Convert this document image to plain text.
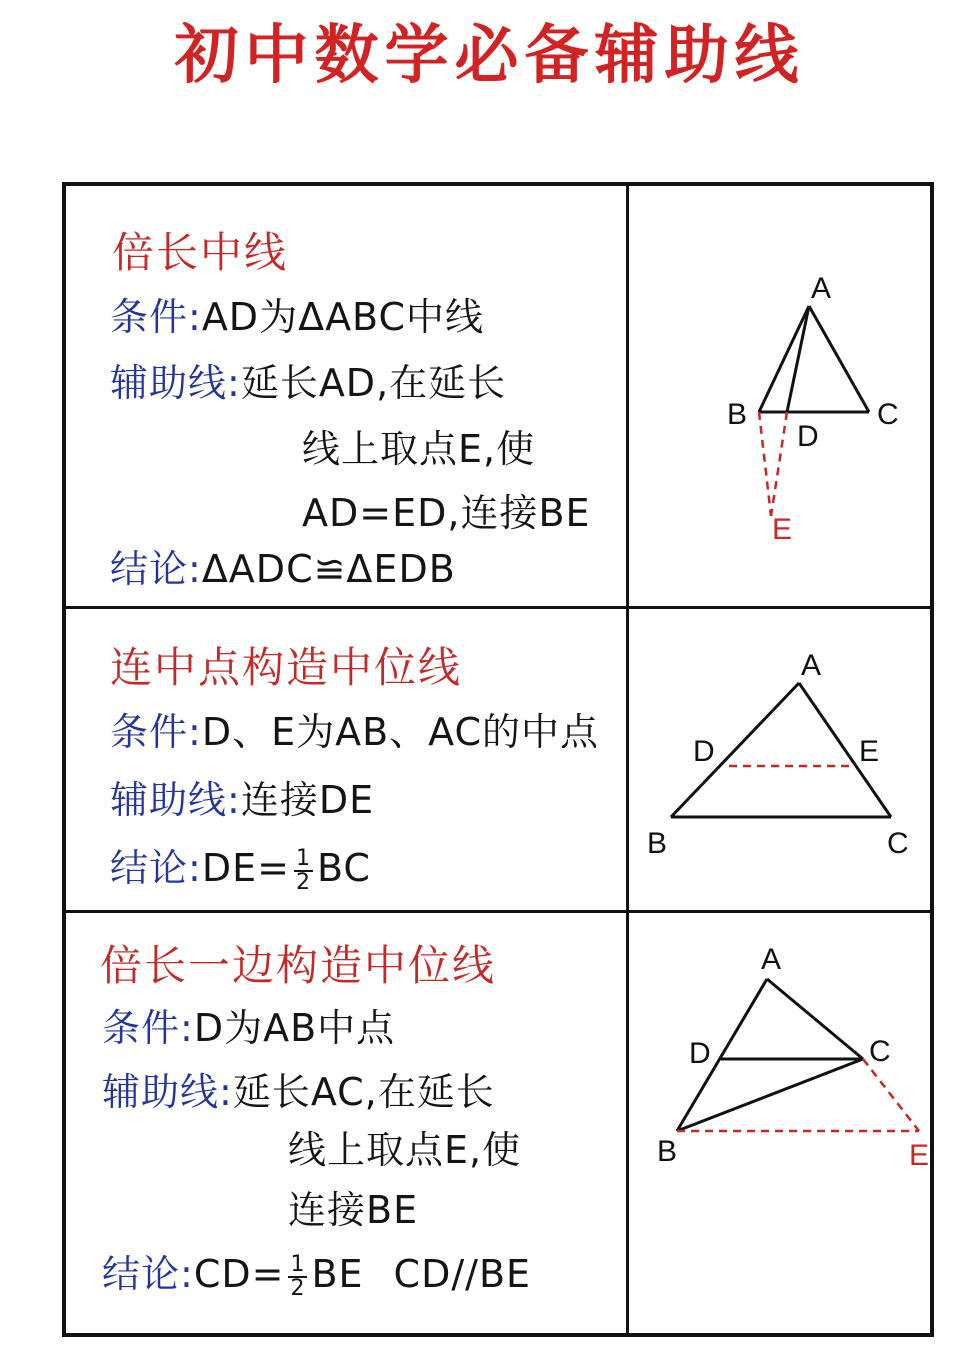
初中数学必备辅助线
倍长中线
条件:AD为ΔABC中线
辅助线:延长AD,在延长
线上取点E,使
AD=ED,连接BE
结论:ΔADC≌ΔEDB
A
B	C
D
E
连中点构造中位线
条件:D、E为AB、AC的中点
辅助线:连接DE
结论:DE= $\frac{1}{2}$ BC
A
B	C
D	E
倍长一边构造中位线
条件:D为AB中点
辅助线:延长AC,在延长
线上取点E,使
连接BE
结论:CD= $\frac{1}{2}$ BE CD//BE
A
B
C
D
E
